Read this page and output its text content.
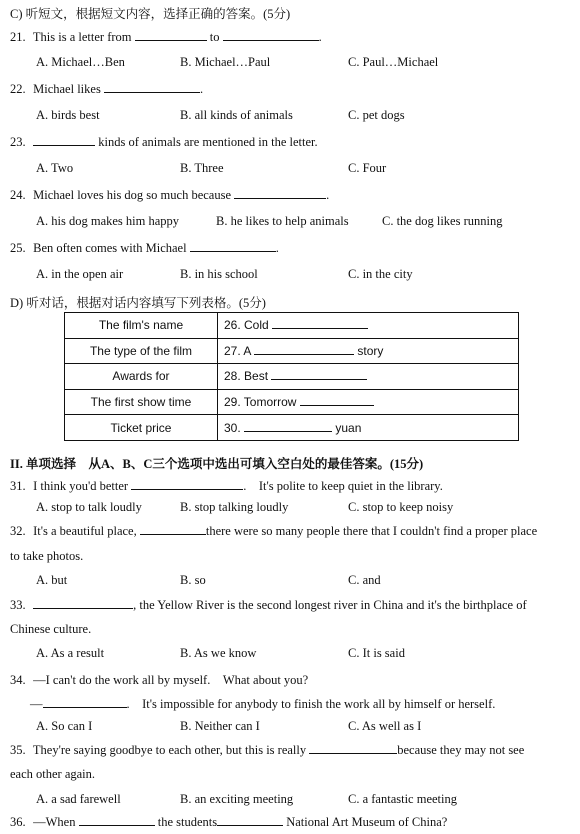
C) 听短文，根据短文内容，选择正确的答案。(5分)
21. This is a letter from	to	.
A. Michael…Ben	B. Michael…Paul	C. Paul…Michael
22. Michael likes	.
A. birds best	B. all kinds of animals	C. pet dogs
23.	kinds of animals are mentioned in the letter.
A. Two	B. Three	C. Four
24. Michael loves his dog so much because	.
A. his dog makes him happy	B. he likes to help animals	C. the dog likes running
25. Ben often comes with Michael	.
A. in the open air	B. in his school	C. in the city
D) 听对话，根据对话内容填写下列表格。(5分)
The film's name	26. Cold
The type of the film	27. A story
Awards for	28. Best
The first show time	29. Tomorrow
Ticket price	30. yuan
II. 单项选择　从A、B、C三个选项中选出可填入空白处的最佳答案。(15分)
31. I think you'd better	.　It's polite to keep quiet in the library.
A. stop to talk loudly	B. stop talking loudly	C. stop to keep noisy
32. It's a beautiful place,	there were so many people there that I couldn't find a proper place
to take photos.
A. but	B. so	C. and
33.	, the Yellow River is the second longest river in China and it's the birthplace of
Chinese culture.
A. As a result	B. As we know	C. It is said
34. —I can't do the work all by myself.　What about you?
—	.　It's impossible for anybody to finish the work all by himself or herself.
A. So can I	B. Neither can I	C. As well as I
35. They're saying goodbye to each other, but this is really	because they may not see
each other again.
A. a sad farewell	B. an exciting meeting	C. a fantastic meeting
36. —When	the students	National Art Museum of China?
